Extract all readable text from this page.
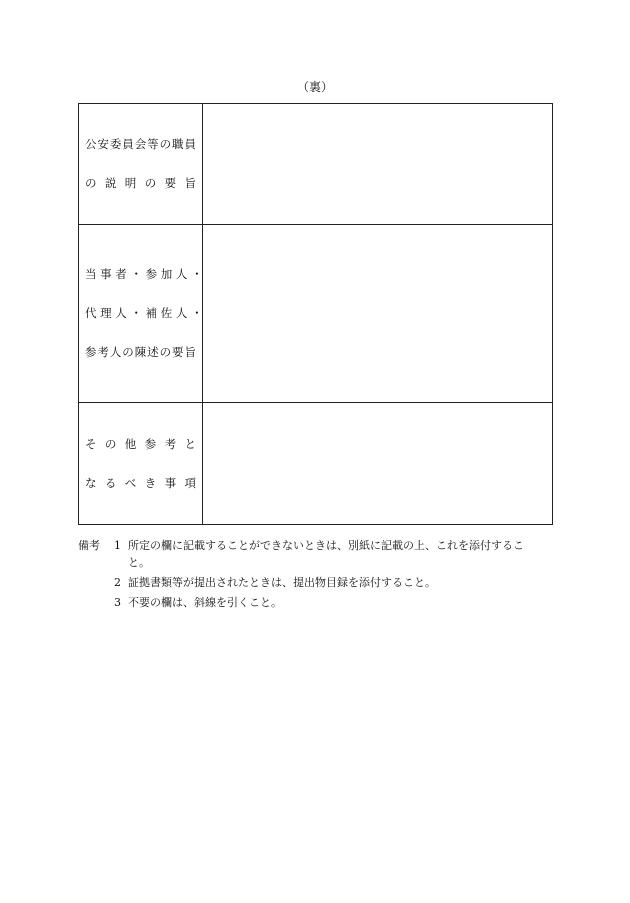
（裏）
公安委員会等の職員
の 説 明 の 要 旨	

当 事 者 ・ 参 加 人 ・
代 理 人 ・ 補 佐 人 ・
参考人の陳述の要旨	

そ の 他 参 考 と
な る べ き 事 項	

備考	1 所定の欄に記載することができないときは、別紙に記載の上、これを添付するこ
と。
2 証拠書類等が提出されたときは、提出物目録を添付すること。
3 不要の欄は、斜線を引くこと。
